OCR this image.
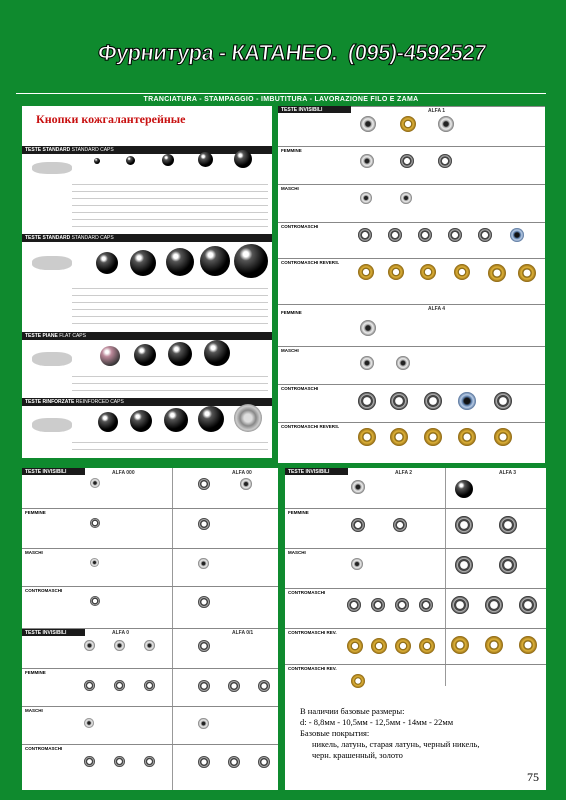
Фурнитура - КАТАНЕО. (095)-4592527
TRANCIATURA - STAMPAGGIO - IMBUTITURA - LAVORAZIONE FILO E ZAMA
Кнопки кожгалантерейные
TESTE STANDARD STANDARD CAPS
TESTE STANDARD STANDARD CAPS
TESTE PIANE FLAT CAPS
TESTE RINFORZATE REINFORCED CAPS
ALFA 1
ALFA 4
TESTE INVISIBILI
FEMMINE
MASCHI
CONTROMASCHI
CONTROMASCHI REVERS.
FEMMINE
MASCHI
CONTROMASCHI
CONTROMASCHI REVERS.
ALFA 000	ALFA 00
ALFA 0	ALFA 0/1
TESTE INVISIBILI
FEMMINE
MASCHI
CONTROMASCHI
TESTE INVISIBILI
FEMMINE
MASCHI
CONTROMASCHI
ALFA 2	ALFA 3
TESTE INVISIBILI
FEMMINE
MASCHI
CONTROMASCHI
CONTROMASCHI REV.
CONTROMASCHI REV.
В наличии базовые размеры:
d: - 8,8мм - 10,5мм - 12,5мм - 14мм - 22мм
Базовые покрытия:
никель, латунь, старая латунь, черный никель,
черн. крашенный, золото
75
